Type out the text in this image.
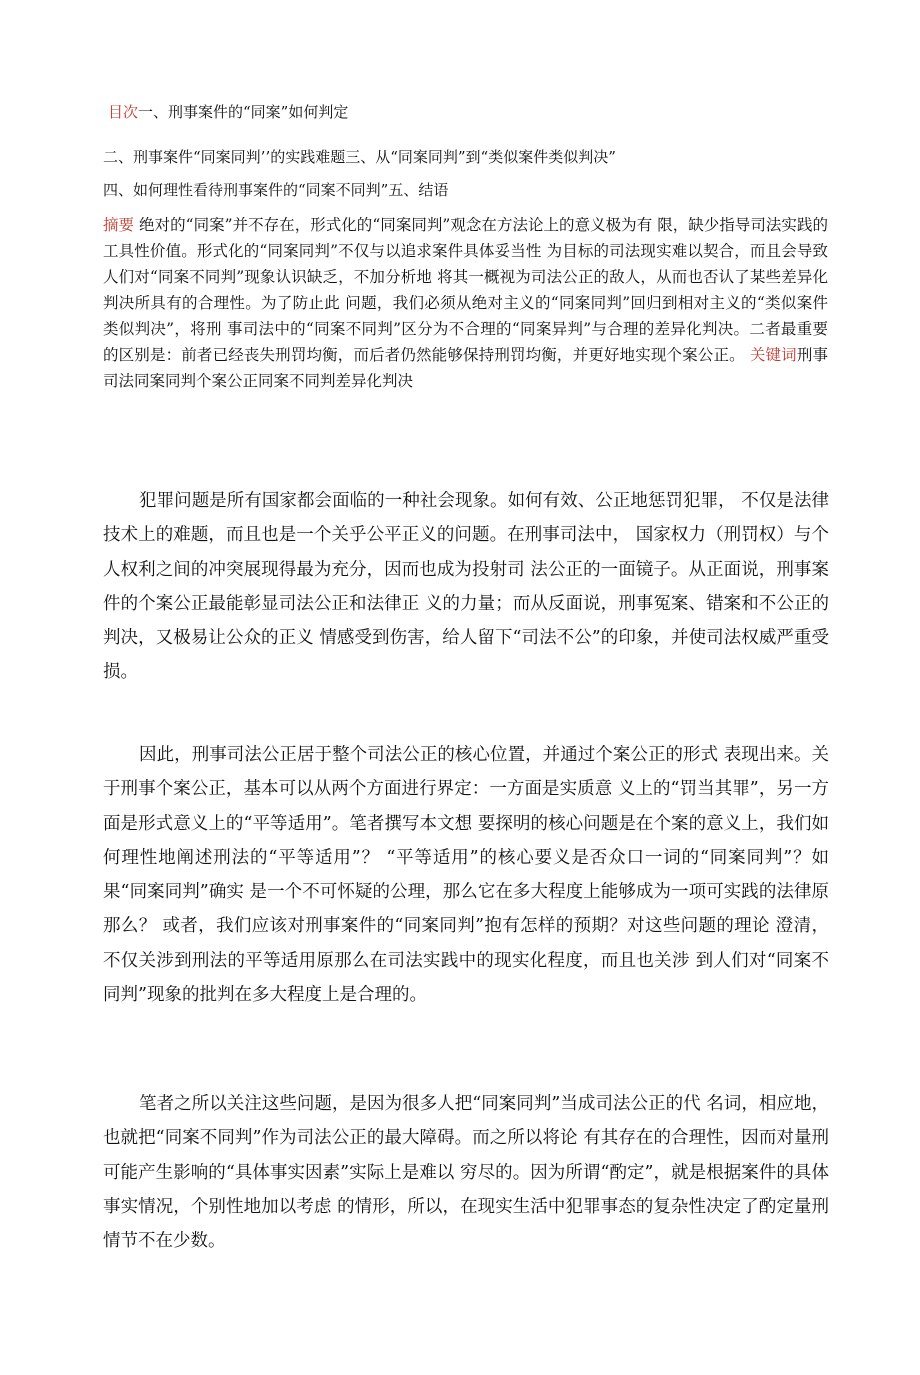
目次一、刑事案件的“同案”如何判定
二、刑事案件“同案同判’’的实践难题三、从“同案同判”到“类似案件类似判决”
四、如何理性看待刑事案件的“同案不同判”五、结语
摘要 绝对的“同案”并不存在，形式化的“同案同判”观念在方法论上的意义极为有 限，缺少指导司法实践的工具性价值。形式化的“同案同判”不仅与以追求案件具体妥当性 为目标的司法现实难以契合，而且会导致人们对“同案不同判”现象认识缺乏，不加分析地 将其一概视为司法公正的敌人，从而也否认了某些差异化判决所具有的合理性。为了防止此 问题，我们必须从绝对主义的“同案同判”回归到相对主义的“类似案件类似判决”，将刑 事司法中的“同案不同判”区分为不合理的“同案异判”与合理的差异化判决。二者最重要 的区别是：前者已经丧失刑罚均衡，而后者仍然能够保持刑罚均衡，并更好地实现个案公正。 关键词刑事司法同案同判个案公正同案不同判差异化判决
犯罪问题是所有国家都会面临的一种社会现象。如何有效、公正地惩罚犯罪， 不仅是法律技术上的难题，而且也是一个关乎公平正义的问题。在刑事司法中， 国家权力（刑罚权）与个人权利之间的冲突展现得最为充分，因而也成为投射司 法公正的一面镜子。从正面说，刑事案件的个案公正最能彰显司法公正和法律正 义的力量；而从反面说，刑事冤案、错案和不公正的判决，又极易让公众的正义 情感受到伤害，给人留下“司法不公”的印象，并使司法权威严重受损。
因此，刑事司法公正居于整个司法公正的核心位置，并通过个案公正的形式 表现出来。关于刑事个案公正，基本可以从两个方面进行界定：一方面是实质意 义上的“罚当其罪”，另一方面是形式意义上的“平等适用”。笔者撰写本文想 要探明的核心问题是在个案的意义上，我们如何理性地阐述刑法的“平等适用”？ “平等适用”的核心要义是否众口一词的“同案同判”？如果“同案同判”确实 是一个不可怀疑的公理，那么它在多大程度上能够成为一项可实践的法律原那么？ 或者，我们应该对刑事案件的“同案同判”抱有怎样的预期？对这些问题的理论 澄清，不仅关涉到刑法的平等适用原那么在司法实践中的现实化程度，而且也关涉 到人们对“同案不同判”现象的批判在多大程度上是合理的。
笔者之所以关注这些问题，是因为很多人把“同案同判”当成司法公正的代 名词，相应地，也就把“同案不同判”作为司法公正的最大障碍。而之所以将论 有其存在的合理性，因而对量刑可能产生影响的“具体事实因素”实际上是难以 穷尽的。因为所谓“酌定”，就是根据案件的具体事实情况，个别性地加以考虑 的情形，所以，在现实生活中犯罪事态的复杂性决定了酌定量刑情节不在少数。
